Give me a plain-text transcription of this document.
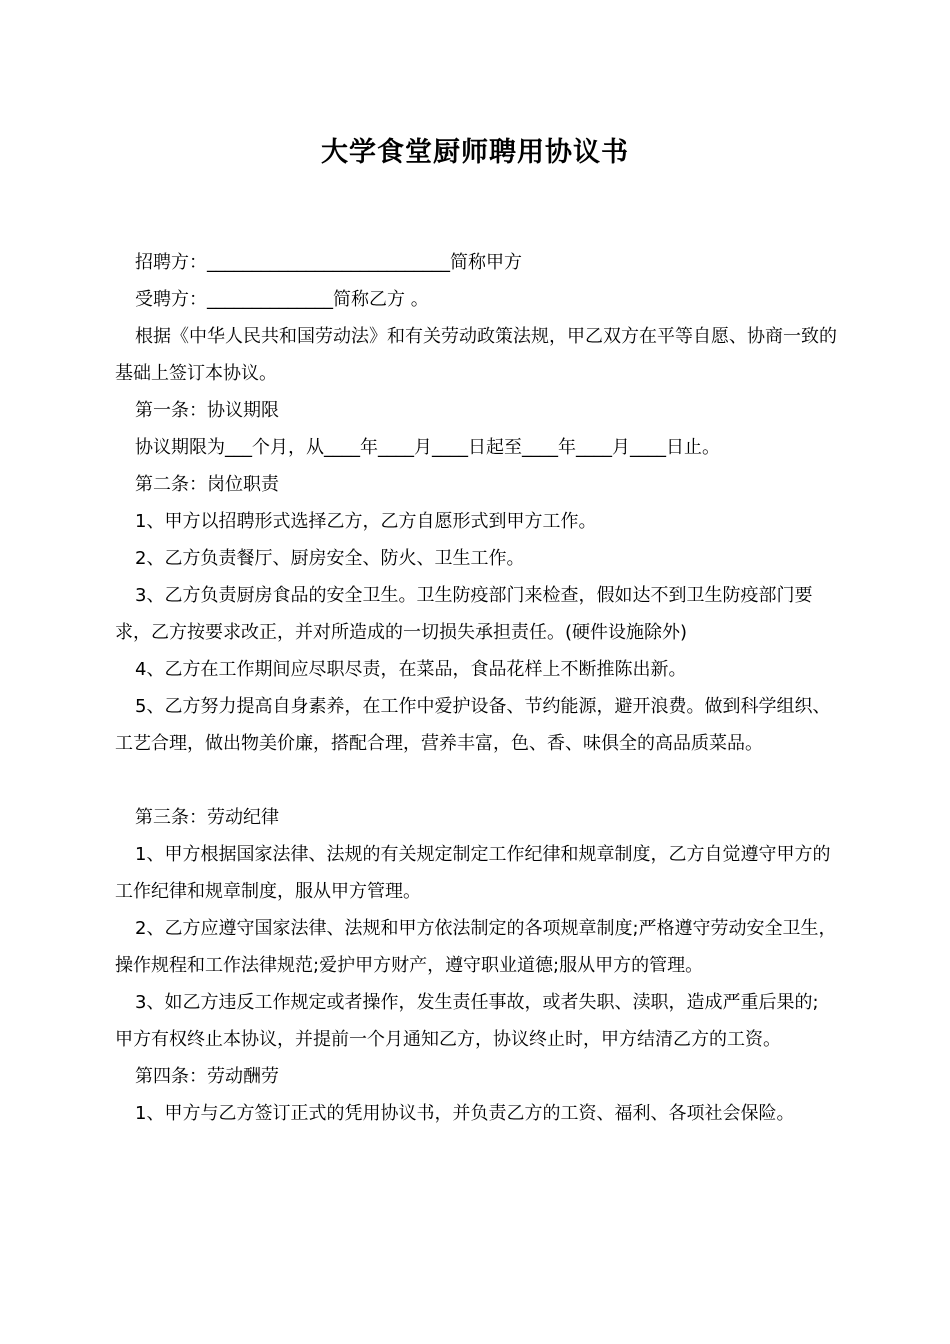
大学食堂厨师聘用协议书

招聘方：___________________________简称甲方

受聘方：______________简称乙方 。

根据《中华人民共和国劳动法》和有关劳动政策法规，甲乙双方在平等自愿、协商一致的基础上签订本协议。

第一条：协议期限

协议期限为___个月，从____年____月____日起至____年____月____日止。

第二条：岗位职责

1、甲方以招聘形式选择乙方，乙方自愿形式到甲方工作。

2、乙方负责餐厅、厨房安全、防火、卫生工作。

3、乙方负责厨房食品的安全卫生。卫生防疫部门来检查，假如达不到卫生防疫部门要求，乙方按要求改正，并对所造成的一切损失承担责任。(硬件设施除外)

4、乙方在工作期间应尽职尽责，在菜品，食品花样上不断推陈出新。

5、乙方努力提高自身素养，在工作中爱护设备、节约能源，避开浪费。做到科学组织、工艺合理，做出物美价廉，搭配合理，营养丰富，色、香、味俱全的高品质菜品。

第三条：劳动纪律

1、甲方根据国家法律、法规的有关规定制定工作纪律和规章制度，乙方自觉遵守甲方的工作纪律和规章制度，服从甲方管理。

2、乙方应遵守国家法律、法规和甲方依法制定的各项规章制度;严格遵守劳动安全卫生，操作规程和工作法律规范;爱护甲方财产，遵守职业道德;服从甲方的管理。

3、如乙方违反工作规定或者操作，发生责任事故，或者失职、渎职，造成严重后果的; 甲方有权终止本协议，并提前一个月通知乙方，协议终止时，甲方结清乙方的工资。

第四条：劳动酬劳

1、甲方与乙方签订正式的凭用协议书，并负责乙方的工资、福利、各项社会保险。
